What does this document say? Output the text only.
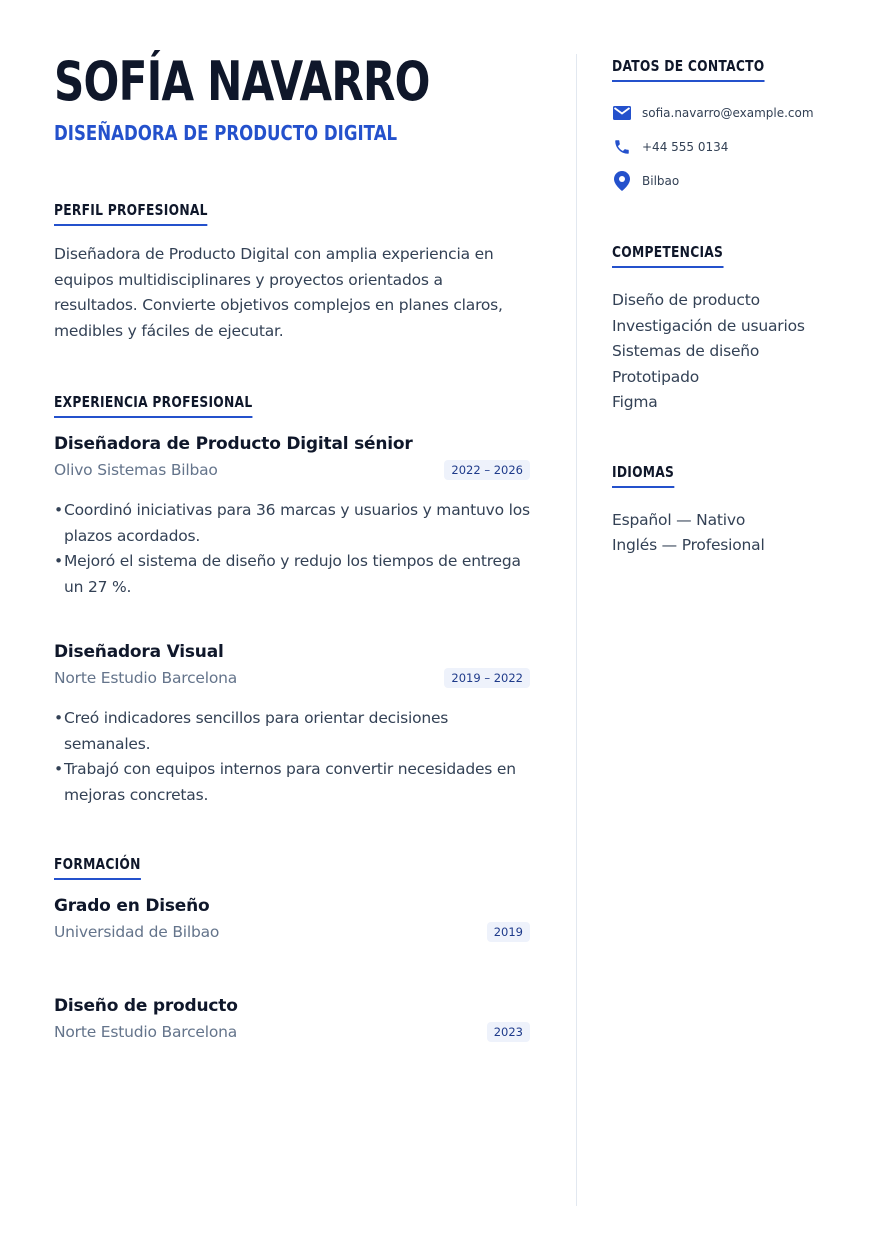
SOFÍA NAVARRO
DISEÑADORA DE PRODUCTO DIGITAL
PERFIL PROFESIONAL

Diseñadora de Producto Digital con amplia experiencia en equipos multidisciplinares y proyectos orientados a resultados. Convierte objetivos complejos en planes claros, medibles y fáciles de ejecutar.

EXPERIENCIA PROFESIONAL
Diseñadora de Producto Digital sénior
Olivo Sistemas Bilbao	2022 – 2026
• Coordinó iniciativas para 36 marcas y usuarios y mantuvo los plazos acordados.
• Mejoró el sistema de diseño y redujo los tiempos de entrega un 27 %.
Diseñadora Visual
Norte Estudio Barcelona	2019 – 2022
• Creó indicadores sencillos para orientar decisiones semanales.
• Trabajó con equipos internos para convertir necesidades en mejoras concretas.
FORMACIÓN
Grado en Diseño
Universidad de Bilbao	2019
Diseño de producto
Norte Estudio Barcelona	2023
DATOS DE CONTACTO
sofia.navarro@example.com
+44 555 0134
Bilbao
COMPETENCIAS
Diseño de producto
Investigación de usuarios
Sistemas de diseño
Prototipado
Figma
IDIOMAS
Español — Nativo
Inglés — Profesional
